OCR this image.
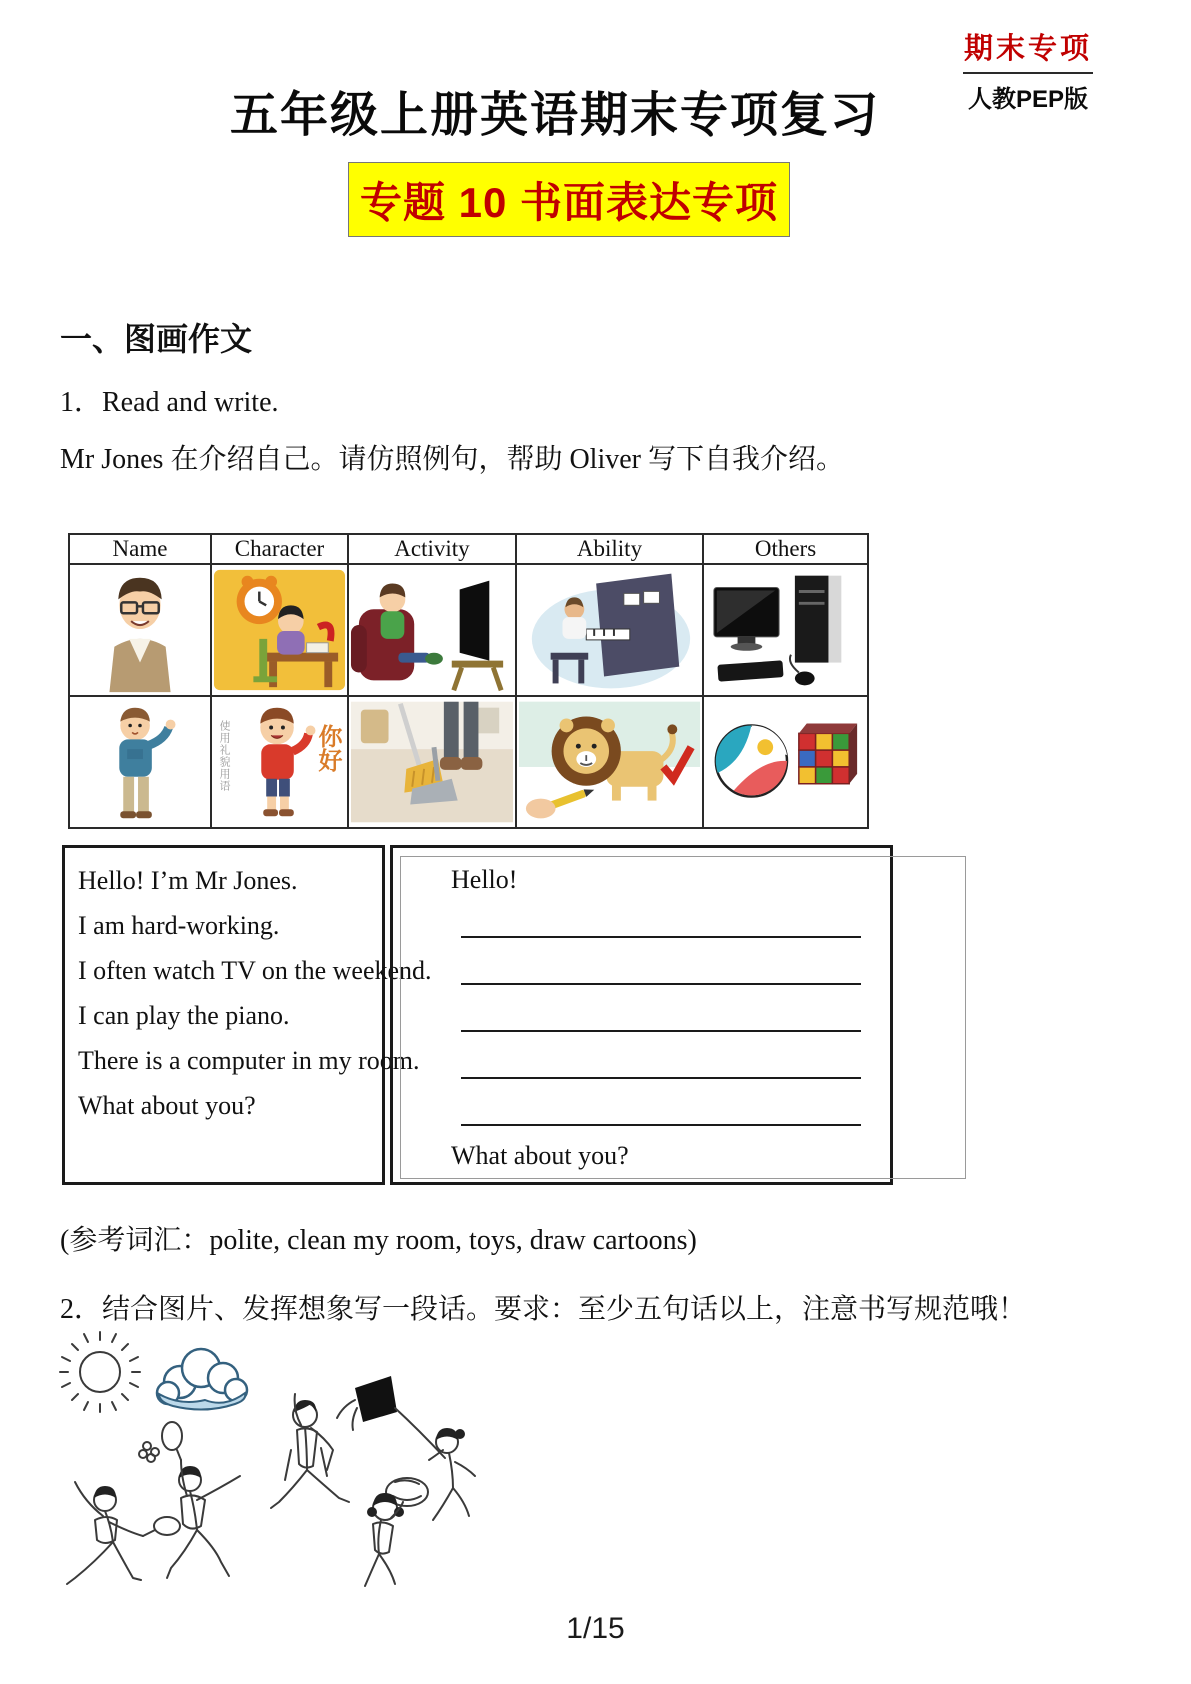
期末专项
人教PEP版
五年级上册英语期末专项复习
专题 10 书面表达专项
一、图画作文
1．Read and write.
Mr Jones 在介绍自己。请仿照例句，帮助 Oliver 写下自我介绍。
Name	Character	Activity	Ability	Others

你好
使用礼貌用语

Hello! I’m Mr Jones.

I am hard-working.

I often watch TV on the weekend.

I can play the piano.

There is a computer in my room.

What about you?

Hello!
What about you?
(参考词汇：polite, clean my room, toys, draw cartoons)
2．结合图片、发挥想象写一段话。要求：至少五句话以上，注意书写规范哦！
1/15
